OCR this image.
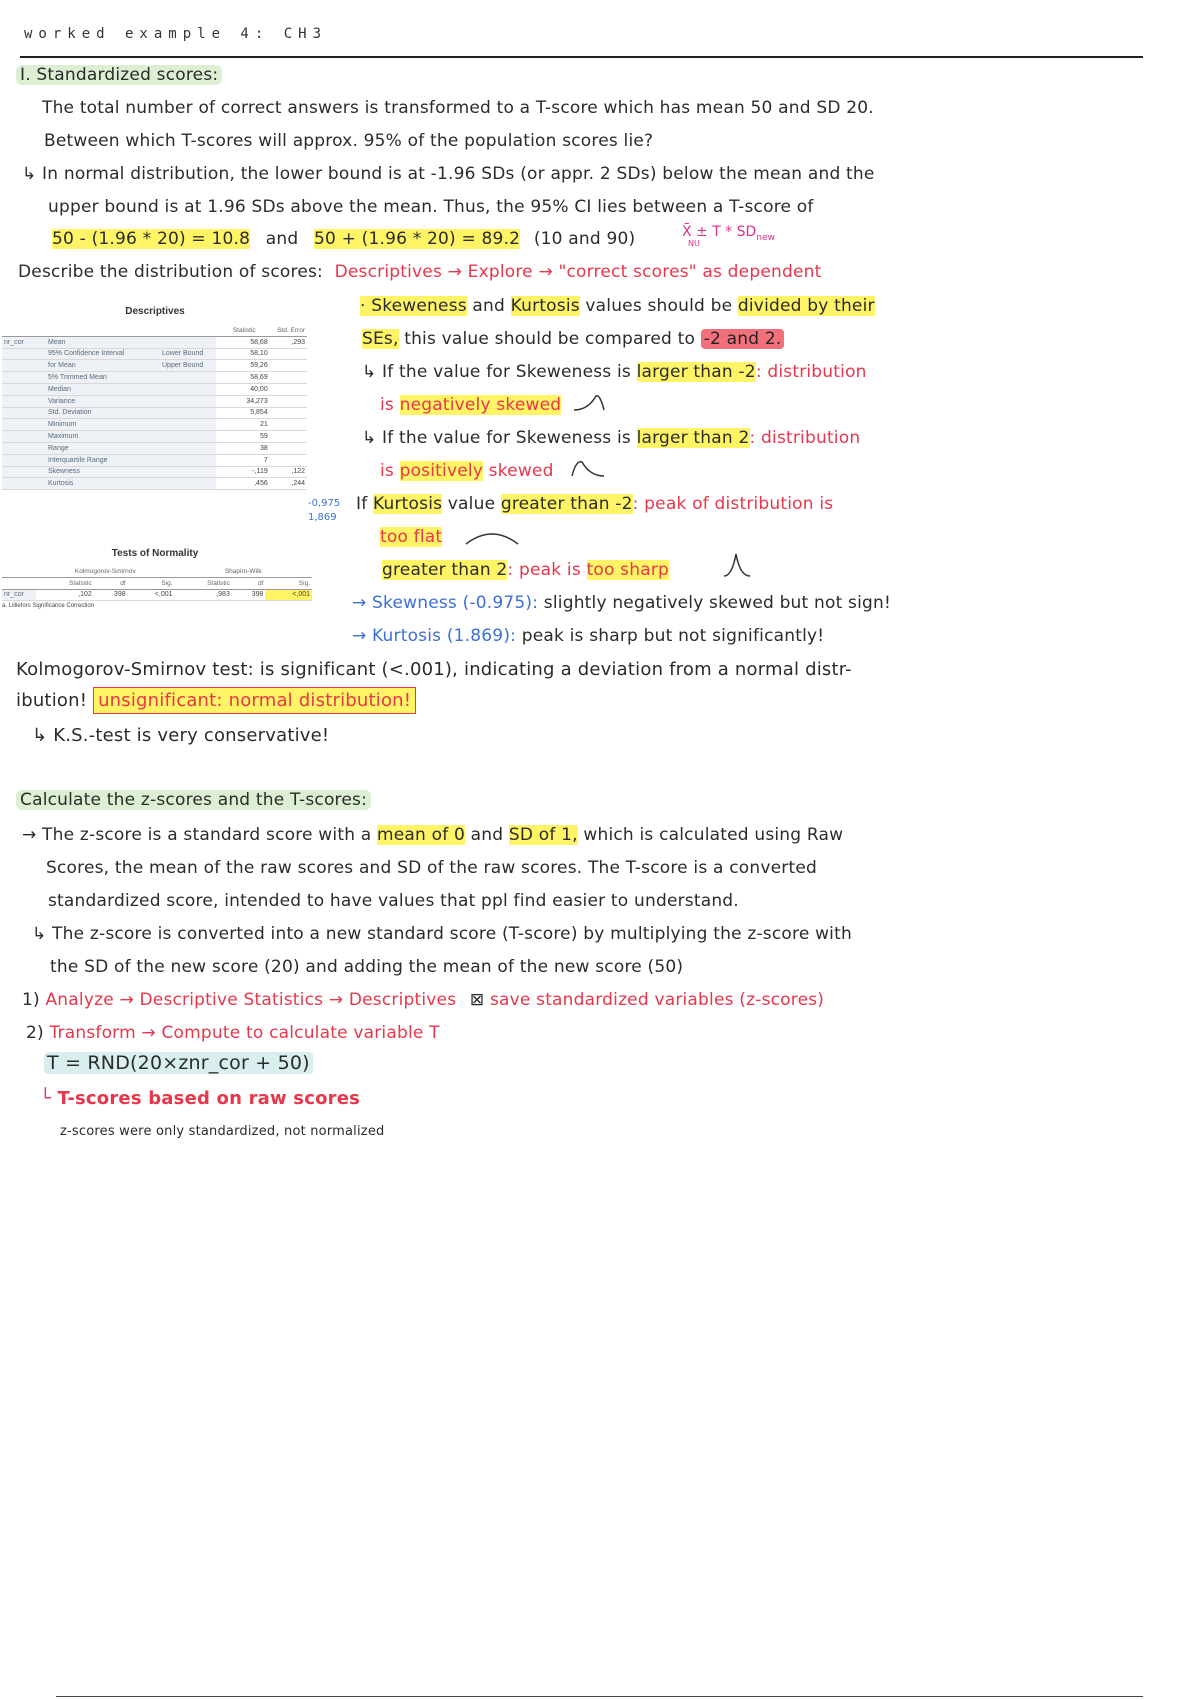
worked example 4: CH3
I. Standardized scores:
The total number of correct answers is transformed to a T-score which has mean 50 and SD 20.
Between which T-scores will approx. 95% of the population scores lie?
↳ In normal distribution, the lower bound is at -1.96 SDs (or appr. 2 SDs) below the mean and the
upper bound is at 1.96 SDs above the mean. Thus, the 95% CI lies between a T-score of
50 - (1.96 * 20) = 10.8 and 50 + (1.96 * 20) = 89.2 (10 and 90)	X̄ ± T * $SD_{new}$
NU
Describe the distribution of scores: Descriptives → Explore → "correct scores" as dependent
Descriptives
			Statistic	Std. Error
nr_cor	Mean		58,68	,293
	95% Confidence Interval	Lower Bound	58,10	
	for Mean	Upper Bound	59,26	
	5% Trimmed Mean		58,69	
	Median		40,00	
	Variance		34,273	
	Std. Deviation		5,854	
	Minimum		21	
	Maximum		59	
	Range		38	
	Interquartile Range		7	
	Skewness		-,119	,122
	Kurtosis		,456	,244
-0,975
1,869
Tests of Normality
	Kolmogorov-Smirnov			Shapiro-Wilk		
	Statistic	df	Sig.	Statistic	df	Sig.
nr_cor	,102	398	<,001	,983	398	<,001
a. Lilliefors Significance Correction
· Skeweness and Kurtosis values should be divided by their
SEs, this value should be compared to -2 and 2.
↳ If the value for Skeweness is larger than -2: distribution
is negatively skewed
↳ If the value for Skeweness is larger than 2: distribution
is positively skewed
If Kurtosis value greater than -2: peak of distribution is
too flat
greater than 2: peak is too sharp
→ Skewness (-0.975): slightly negatively skewed but not sign!
→ Kurtosis (1.869): peak is sharp but not significantly!
Kolmogorov-Smirnov test: is significant (<.001), indicating a deviation from a normal distr-
ibution! unsignificant: normal distribution!
↳ K.S.-test is very conservative!
Calculate the z-scores and the T-scores:
→ The z-score is a standard score with a mean of 0 and SD of 1, which is calculated using Raw
Scores, the mean of the raw scores and SD of the raw scores. The T-score is a converted
standardized score, intended to have values that ppl find easier to understand.
↳ The z-score is converted into a new standard score (T-score) by multiplying the z-score with
the SD of the new score (20) and adding the mean of the new score (50)
1) Analyze → Descriptive Statistics → Descriptives ⊠ save standardized variables (z-scores)
2) Transform → Compute to calculate variable T
T = RND(20×znr_cor + 50)
└ T-scores based on raw scores
z-scores were only standardized, not normalized
